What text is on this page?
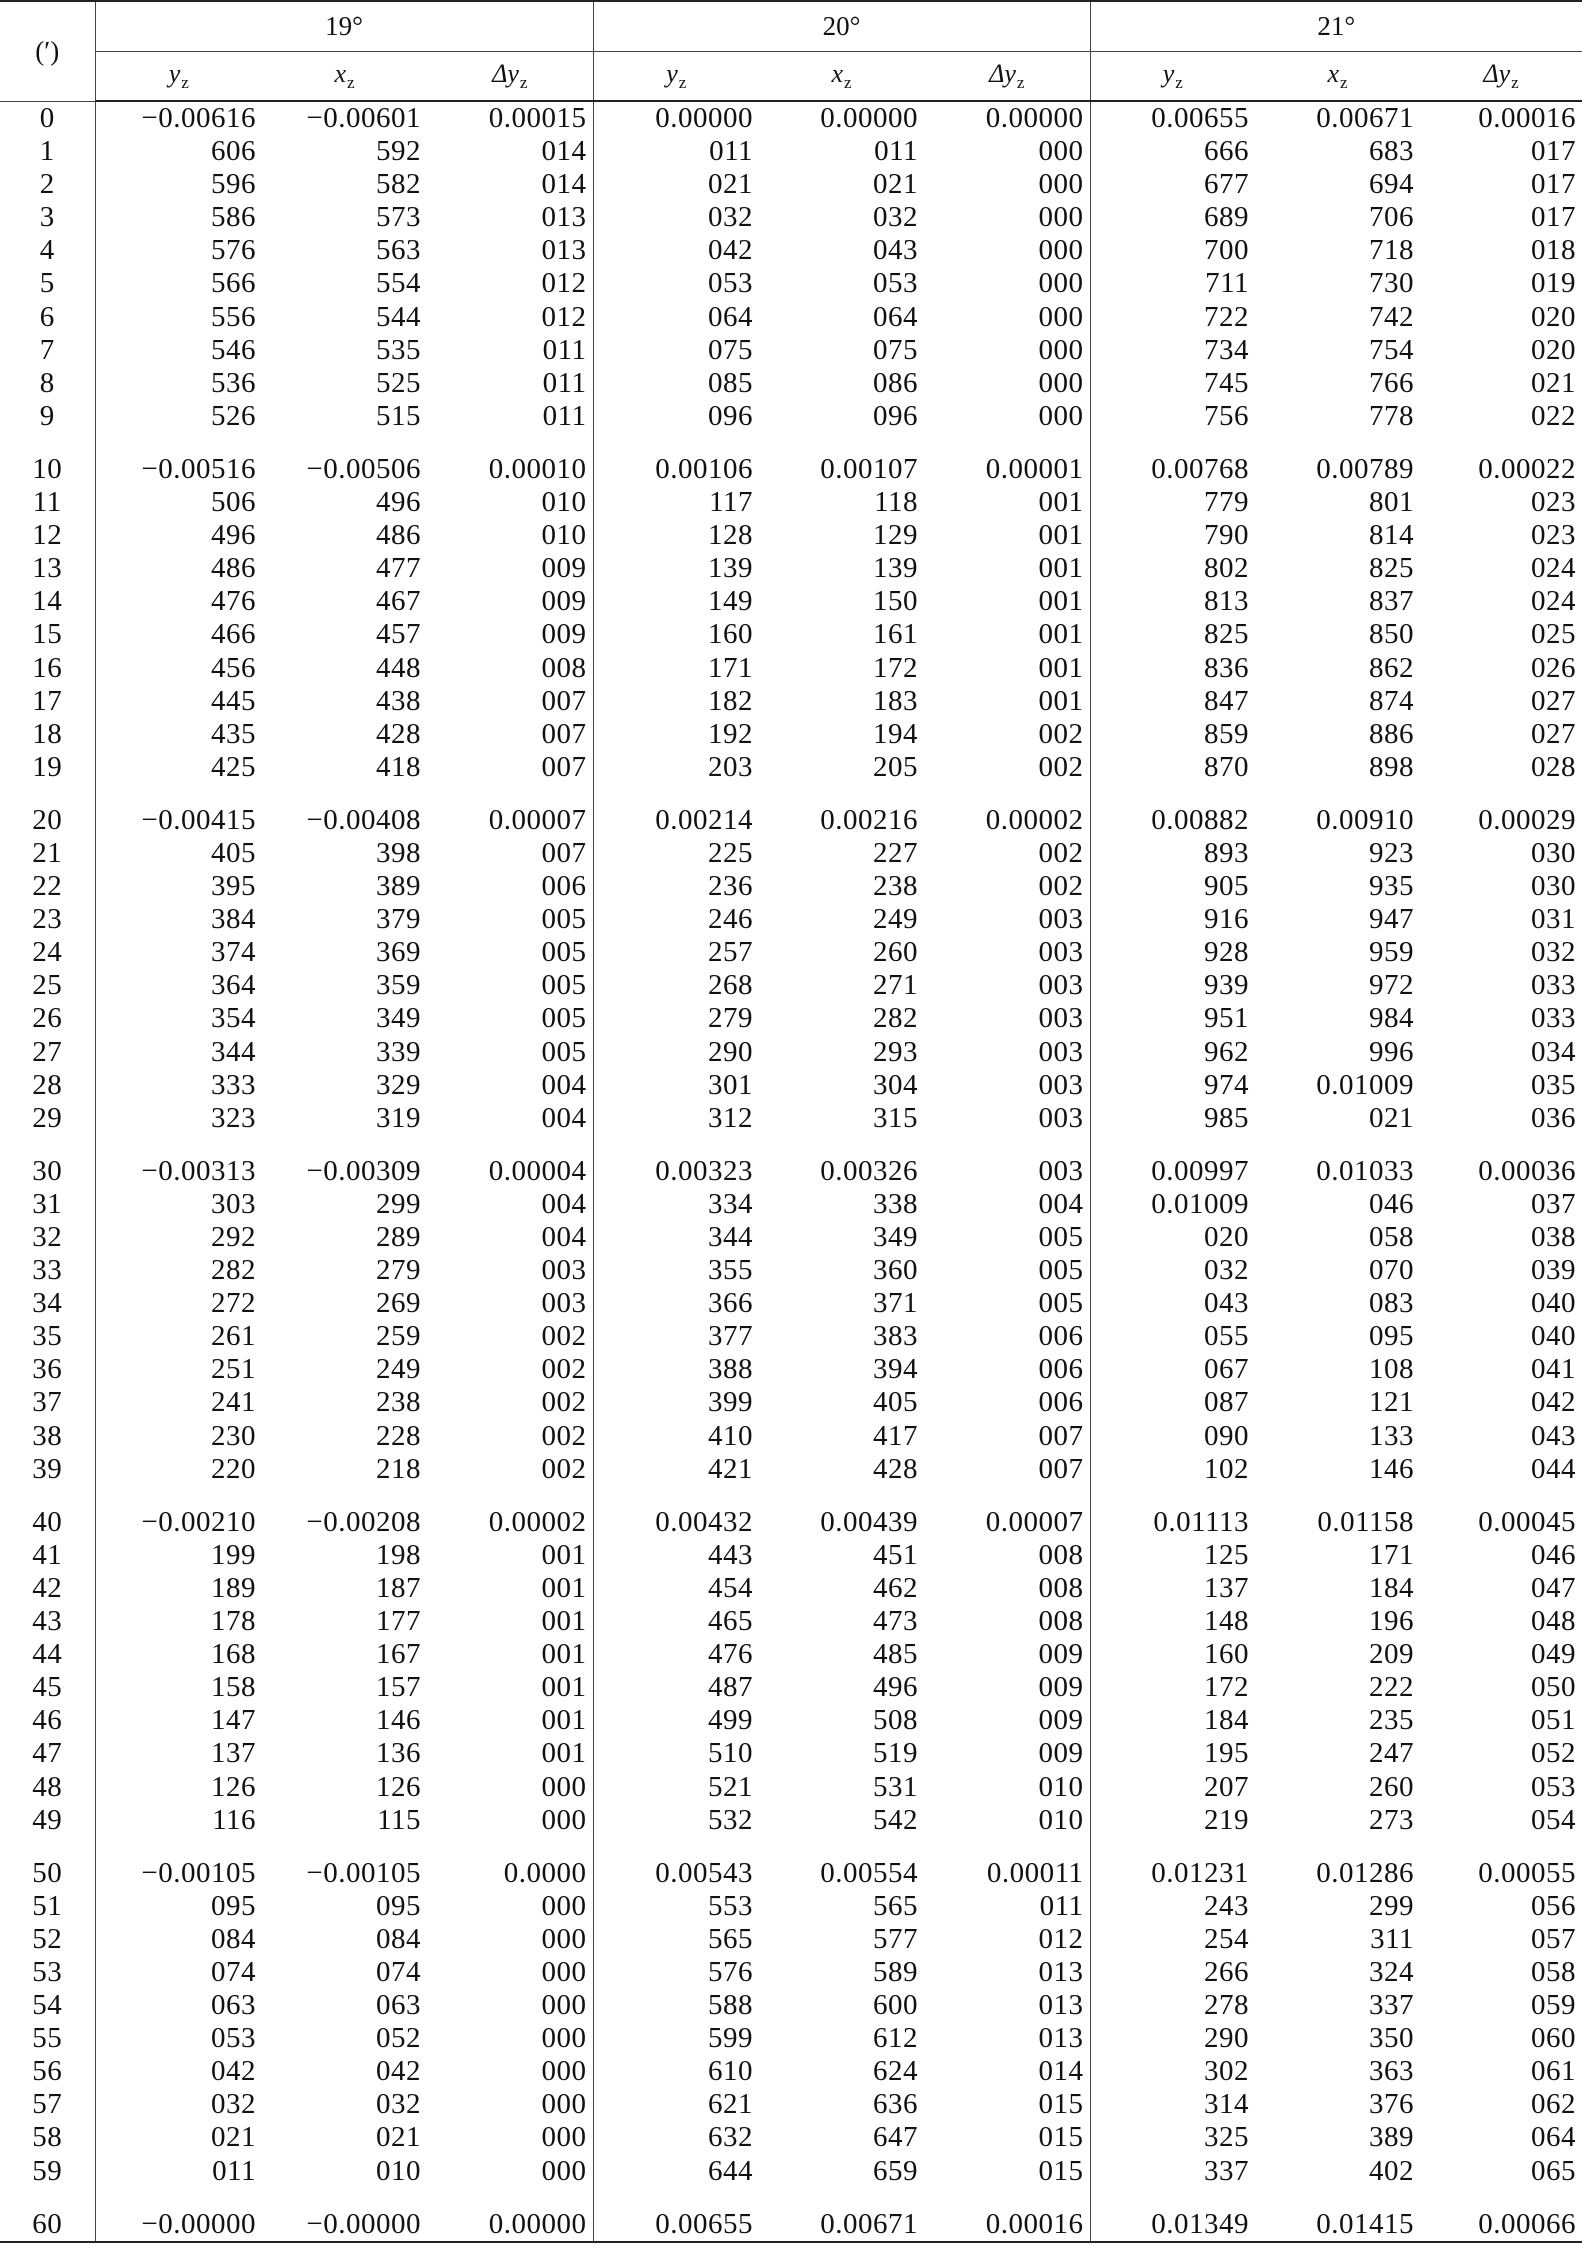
(′)	19°			20°			21°		
	$y_z$	$x_z$	$\Delta y_z$	$y_z$	$x_z$	$\Delta y_z$	$y_z$	$x_z$	$\Delta y_z$
0	−0.00616	−0.00601	0.00015	0.00000	0.00000	0.00000	0.00655	0.00671	0.00016
1	606	592	014	011	011	000	666	683	017
2	596	582	014	021	021	000	677	694	017
3	586	573	013	032	032	000	689	706	017
4	576	563	013	042	043	000	700	718	018
5	566	554	012	053	053	000	711	730	019
6	556	544	012	064	064	000	722	742	020
7	546	535	011	075	075	000	734	754	020
8	536	525	011	085	086	000	745	766	021
9	526	515	011	096	096	000	756	778	022

10	−0.00516	−0.00506	0.00010	0.00106	0.00107	0.00001	0.00768	0.00789	0.00022
11	506	496	010	117	118	001	779	801	023
12	496	486	010	128	129	001	790	814	023
13	486	477	009	139	139	001	802	825	024
14	476	467	009	149	150	001	813	837	024
15	466	457	009	160	161	001	825	850	025
16	456	448	008	171	172	001	836	862	026
17	445	438	007	182	183	001	847	874	027
18	435	428	007	192	194	002	859	886	027
19	425	418	007	203	205	002	870	898	028

20	−0.00415	−0.00408	0.00007	0.00214	0.00216	0.00002	0.00882	0.00910	0.00029
21	405	398	007	225	227	002	893	923	030
22	395	389	006	236	238	002	905	935	030
23	384	379	005	246	249	003	916	947	031
24	374	369	005	257	260	003	928	959	032
25	364	359	005	268	271	003	939	972	033
26	354	349	005	279	282	003	951	984	033
27	344	339	005	290	293	003	962	996	034
28	333	329	004	301	304	003	974	0.01009	035
29	323	319	004	312	315	003	985	021	036

30	−0.00313	−0.00309	0.00004	0.00323	0.00326	003	0.00997	0.01033	0.00036
31	303	299	004	334	338	004	0.01009	046	037
32	292	289	004	344	349	005	020	058	038
33	282	279	003	355	360	005	032	070	039
34	272	269	003	366	371	005	043	083	040
35	261	259	002	377	383	006	055	095	040
36	251	249	002	388	394	006	067	108	041
37	241	238	002	399	405	006	087	121	042
38	230	228	002	410	417	007	090	133	043
39	220	218	002	421	428	007	102	146	044

40	−0.00210	−0.00208	0.00002	0.00432	0.00439	0.00007	0.01113	0.01158	0.00045
41	199	198	001	443	451	008	125	171	046
42	189	187	001	454	462	008	137	184	047
43	178	177	001	465	473	008	148	196	048
44	168	167	001	476	485	009	160	209	049
45	158	157	001	487	496	009	172	222	050
46	147	146	001	499	508	009	184	235	051
47	137	136	001	510	519	009	195	247	052
48	126	126	000	521	531	010	207	260	053
49	116	115	000	532	542	010	219	273	054

50	−0.00105	−0.00105	0.0000	0.00543	0.00554	0.00011	0.01231	0.01286	0.00055
51	095	095	000	553	565	011	243	299	056
52	084	084	000	565	577	012	254	311	057
53	074	074	000	576	589	013	266	324	058
54	063	063	000	588	600	013	278	337	059
55	053	052	000	599	612	013	290	350	060
56	042	042	000	610	624	014	302	363	061
57	032	032	000	621	636	015	314	376	062
58	021	021	000	632	647	015	325	389	064
59	011	010	000	644	659	015	337	402	065

60	−0.00000	−0.00000	0.00000	0.00655	0.00671	0.00016	0.01349	0.01415	0.00066
